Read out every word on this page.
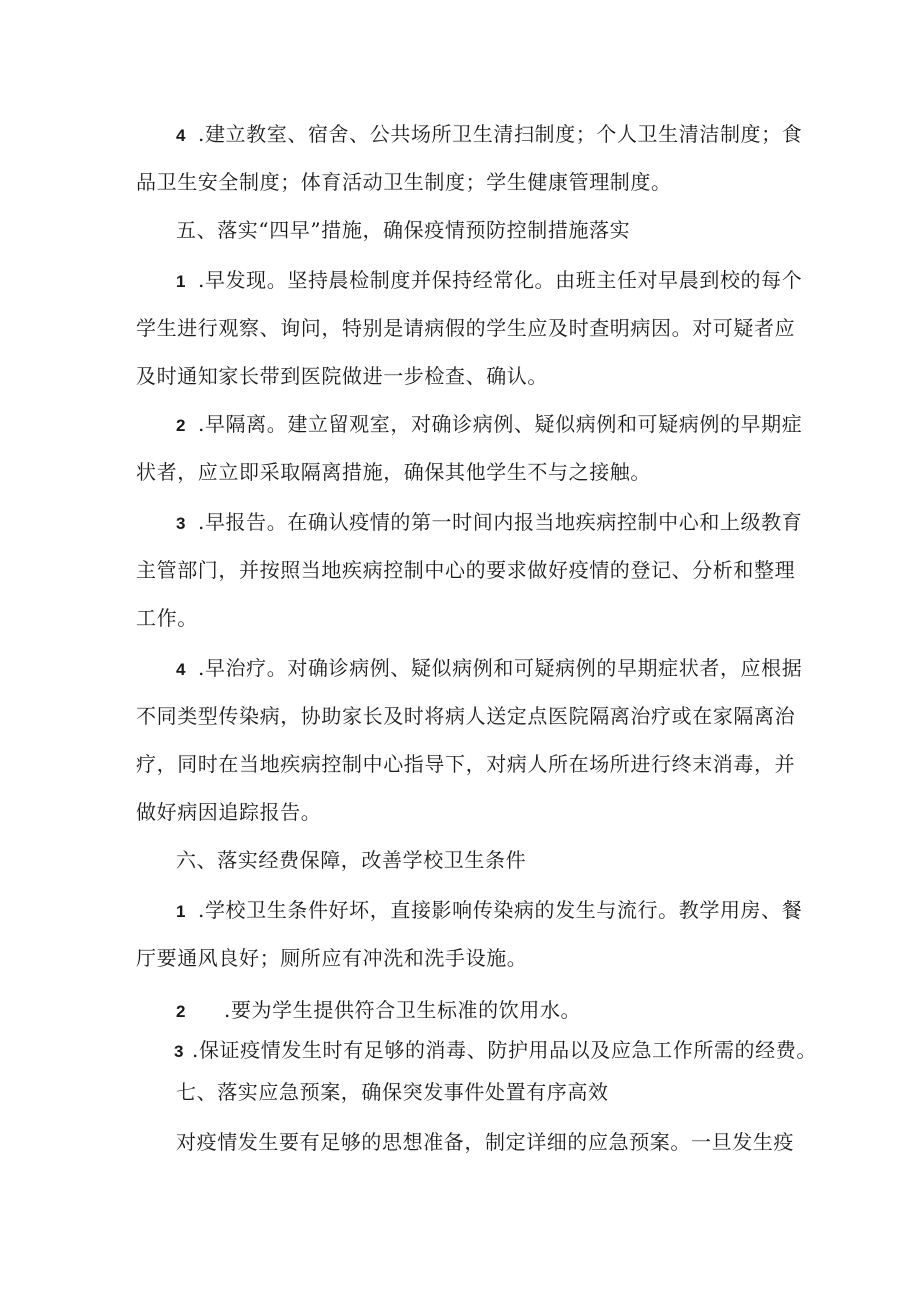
4 .建立教室、宿舍、公共场所卫生清扫制度；个人卫生清洁制度；食
品卫生安全制度；体育活动卫生制度；学生健康管理制度。
五、落实“四早”措施，确保疫情预防控制措施落实
1 .早发现。坚持晨检制度并保持经常化。由班主任对早晨到校的每个
学生进行观察、询问，特别是请病假的学生应及时查明病因。对可疑者应
及时通知家长带到医院做进一步检查、确认。
2 .早隔离。建立留观室，对确诊病例、疑似病例和可疑病例的早期症
状者，应立即采取隔离措施，确保其他学生不与之接触。
3 .早报告。在确认疫情的第一时间内报当地疾病控制中心和上级教育
主管部门，并按照当地疾病控制中心的要求做好疫情的登记、分析和整理
工作。
4 .早治疗。对确诊病例、疑似病例和可疑病例的早期症状者，应根据
不同类型传染病，协助家长及时将病人送定点医院隔离治疗或在家隔离治
疗，同时在当地疾病控制中心指导下，对病人所在场所进行终末消毒，并
做好病因追踪报告。
六、落实经费保障，改善学校卫生条件
1 .学校卫生条件好坏，直接影响传染病的发生与流行。教学用房、餐
厅要通风良好；厕所应有冲洗和洗手设施。
2 .要为学生提供符合卫生标准的饮用水。
3 .保证疫情发生时有足够的消毒、防护用品以及应急工作所需的经费。
七、落实应急预案，确保突发事件处置有序高效
对疫情发生要有足够的思想准备，制定详细的应急预案。一旦发生疫
